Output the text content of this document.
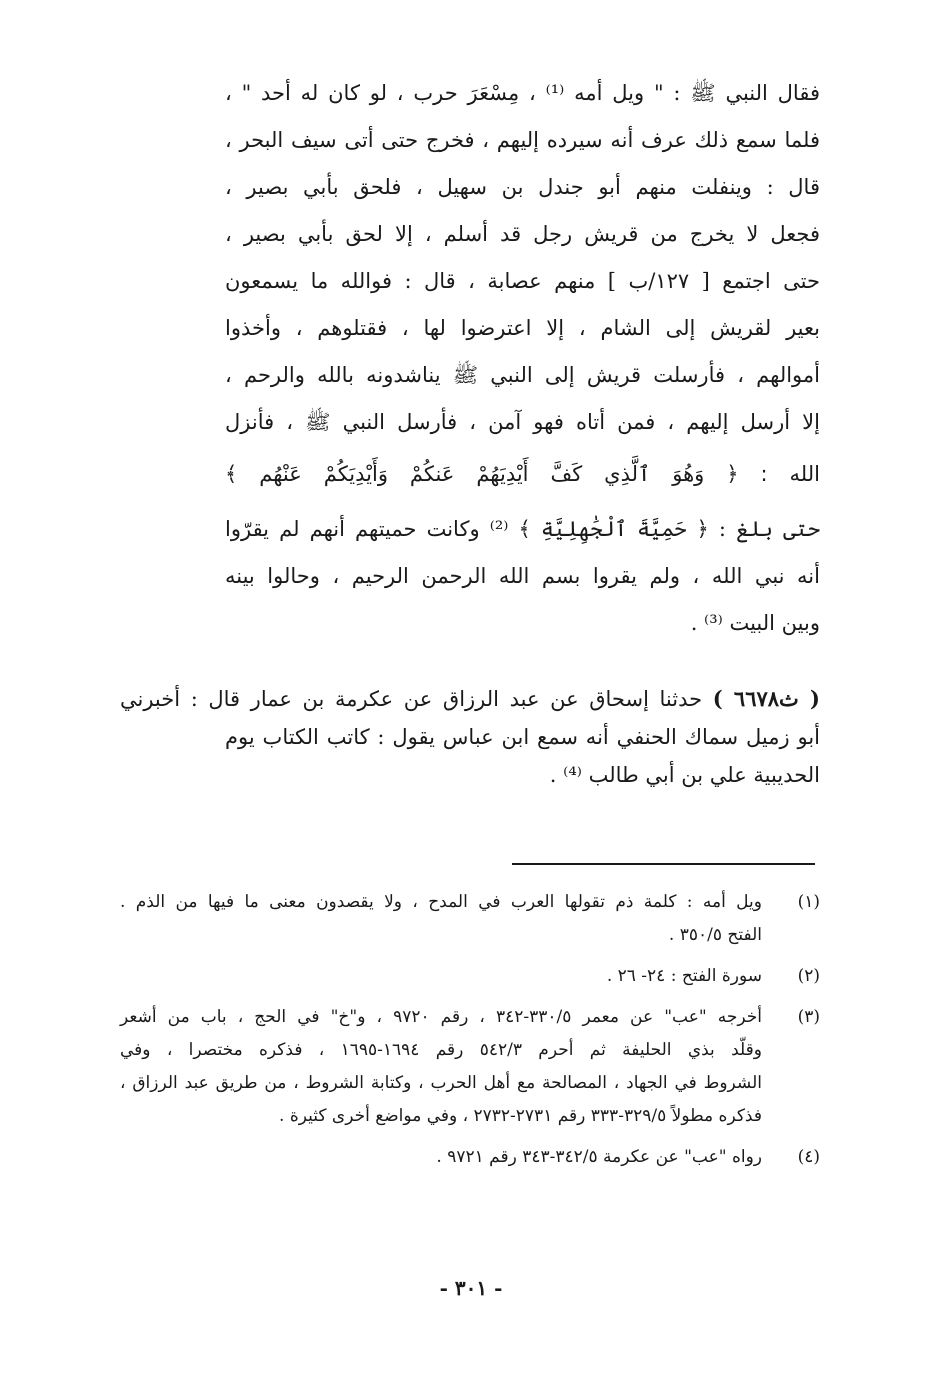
فقال النبي ﷺ : " ويل أمه ⁽¹⁾ ، مِسْعَرَ حرب ، لو كان له أحد " ،
فلما سمع ذلك عرف أنه سيرده إليهم ، فخرج حتى أتى سيف البحر ،
قال : وينفلت منهم أبو جندل بن سهيل ، فلحق بأبي بصير ،
فجعل لا يخرج من قريش رجل قد أسلم ، إلا لحق بأبي بصير ،
حتى اجتمع [ ١٢٧/ب ] منهم عصابة ، قال : فوالله ما يسمعون
بعير لقريش إلى الشام ، إلا اعترضوا لها ، فقتلوهم ، وأخذوا
أموالهم ، فأرسلت قريش إلى النبي ﷺ يناشدونه بالله والرحم ،
إلا أرسل إليهم ، فمن أتاه فهو آمن ، فأرسل النبي ﷺ ، فأنزل
الله : ﴿ وَهُوَ ٱلَّذِي كَفَّ أَيْدِيَهُمْ عَنكُمْ وَأَيْدِيَكُمْ عَنْهُم ﴾
حتى بلغ : ﴿ حَمِيَّةَ ٱلْجَٰهِلِيَّةِ ﴾ ⁽²⁾ وكانت حميتهم أنهم لم يقرّوا
أنه نبي الله ، ولم يقروا بسم الله الرحمن الرحيم ، وحالوا بينه
وبين البيت ⁽³⁾ .
( ث٦٦٧٨ ) حدثنا إسحاق عن عبد الرزاق عن عكرمة بن عمار قال : أخبرني
أبو زميل سماك الحنفي أنه سمع ابن عباس يقول : كاتب الكتاب يوم
الحديبية علي بن أبي طالب ⁽⁴⁾ .
(١)
ويل أمه : كلمة ذم تقولها العرب في المدح ، ولا يقصدون معنى ما فيها من الذم .
الفتح ٣٥٠/٥ .
(٢)
سورة الفتح : ٢٤- ٢٦ .
(٣)
أخرجه "عب" عن معمر ٣٣٠/٥-٣٤٢ ، رقم ٩٧٢٠ ، و"خ" في الحج ، باب من أشعر
وقلّد بذي الحليفة ثم أحرم ٥٤٢/٣ رقم ١٦٩٤-١٦٩٥ ، فذكره مختصرا ، وفي
الشروط في الجهاد ، المصالحة مع أهل الحرب ، وكتابة الشروط ، من طريق عبد الرزاق ،
فذكره مطولاً ٣٢٩/٥-٣٣٣ رقم ٢٧٣١-٢٧٣٢ ، وفي مواضع أخرى كثيرة .
(٤)
رواه "عب" عن عكرمة ٣٤٢/٥-٣٤٣ رقم ٩٧٢١ .
- ٣٠١ -
